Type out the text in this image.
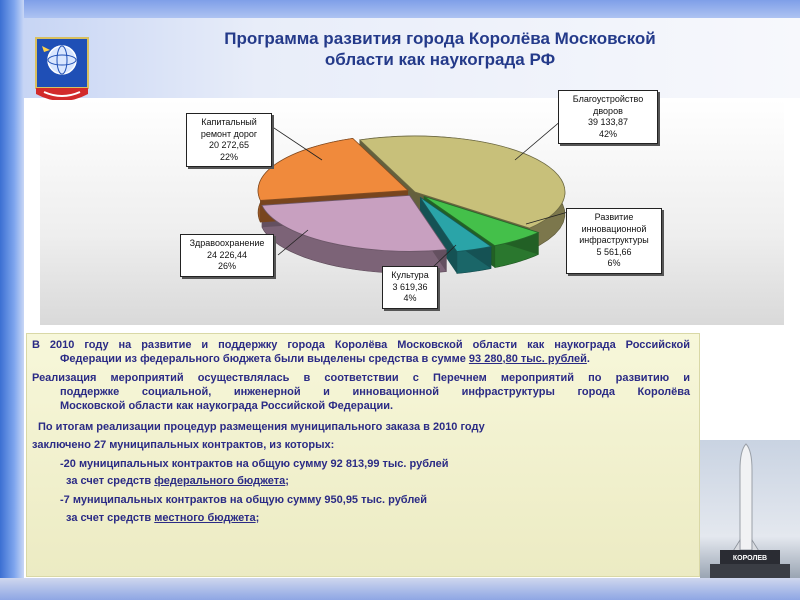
Программа развития города Королёва Московской
области как наукограда РФ
Капитальный
ремонт дорог
20 272,65
22%
Благоустройство
дворов
39 133,87
42%
Развитие
инновационной
инфраструктуры
5 561,66
6%
Культура
3 619,36
4%
Здравоохранение
24 226,44
26%
В 2010 году на развитие и поддержку города Королёва Московской области как наукограда Российской
Федерации из федерального бюджета были выделены средства в сумме 93 280,80 тыс. рублей.
Реализация мероприятий осуществлялась в соответствии с Перечнем мероприятий по развитию и
поддержке социальной, инженерной и инновационной инфраструктуры города Королёва
Московской области как наукограда Российской Федерации.
По итогам реализации процедур размещения муниципального заказа в 2010 году
заключено 27 муниципальных контрактов, из которых:
-20 муниципальных контрактов на общую сумму 92 813,99 тыс. рублей
за счет средств федерального бюджета;
-7 муниципальных контрактов на общую сумму 950,95 тыс. рублей
за счет средств местного бюджета;
КОРОЛЕВ
